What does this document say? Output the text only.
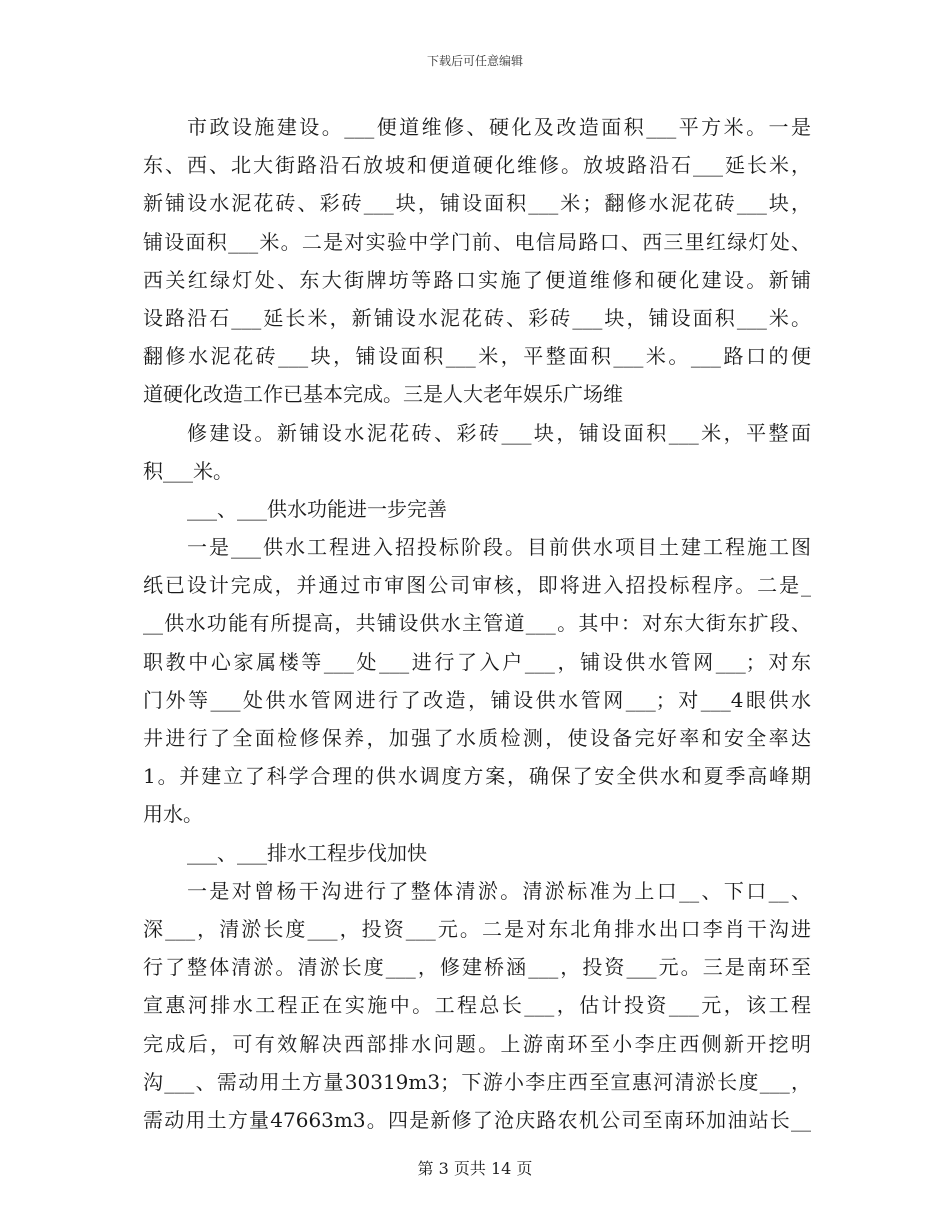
下载后可任意编辑
市政设施建设。___便道维修、硬化及改造面积___平方米。一是
东、西、北大街路沿石放坡和便道硬化维修。放坡路沿石___延长米，
新铺设水泥花砖、彩砖___块，铺设面积___米；翻修水泥花砖___块，
铺设面积___米。二是对实验中学门前、电信局路口、西三里红绿灯处、
西关红绿灯处、东大街牌坊等路口实施了便道维修和硬化建设。新铺
设路沿石___延长米，新铺设水泥花砖、彩砖___块，铺设面积___米。
翻修水泥花砖___块，铺设面积___米，平整面积___米。___路口的便
道硬化改造工作已基本完成。三是人大老年娱乐广场维
修建设。新铺设水泥花砖、彩砖___块，铺设面积___米，平整面
积___米。
___、___供水功能进一步完善
一是___供水工程进入招投标阶段。目前供水项目土建工程施工图
纸已设计完成，并通过市审图公司审核，即将进入招投标程序。二是_
__供水功能有所提高，共铺设供水主管道___。其中：对东大街东扩段、
职教中心家属楼等___处___进行了入户___，铺设供水管网___；对东
门外等___处供水管网进行了改造，铺设供水管网___；对___4眼供水
井进行了全面检修保养，加强了水质检测，使设备完好率和安全率达
1。并建立了科学合理的供水调度方案，确保了安全供水和夏季高峰期
用水。
___、___排水工程步伐加快
一是对曾杨干沟进行了整体清淤。清淤标准为上口__、下口__、
深___，清淤长度___，投资___元。二是对东北角排水出口李肖干沟进
行了整体清淤。清淤长度___，修建桥涵___，投资___元。三是南环至
宣惠河排水工程正在实施中。工程总长___，估计投资___元，该工程
完成后，可有效解决西部排水问题。上游南环至小李庄西侧新开挖明
沟___、需动用土方量30319m3；下游小李庄西至宣惠河清淤长度___，
需动用土方量47663m3。四是新修了沧庆路农机公司至南环加油站长__
第 3 页共 14 页
